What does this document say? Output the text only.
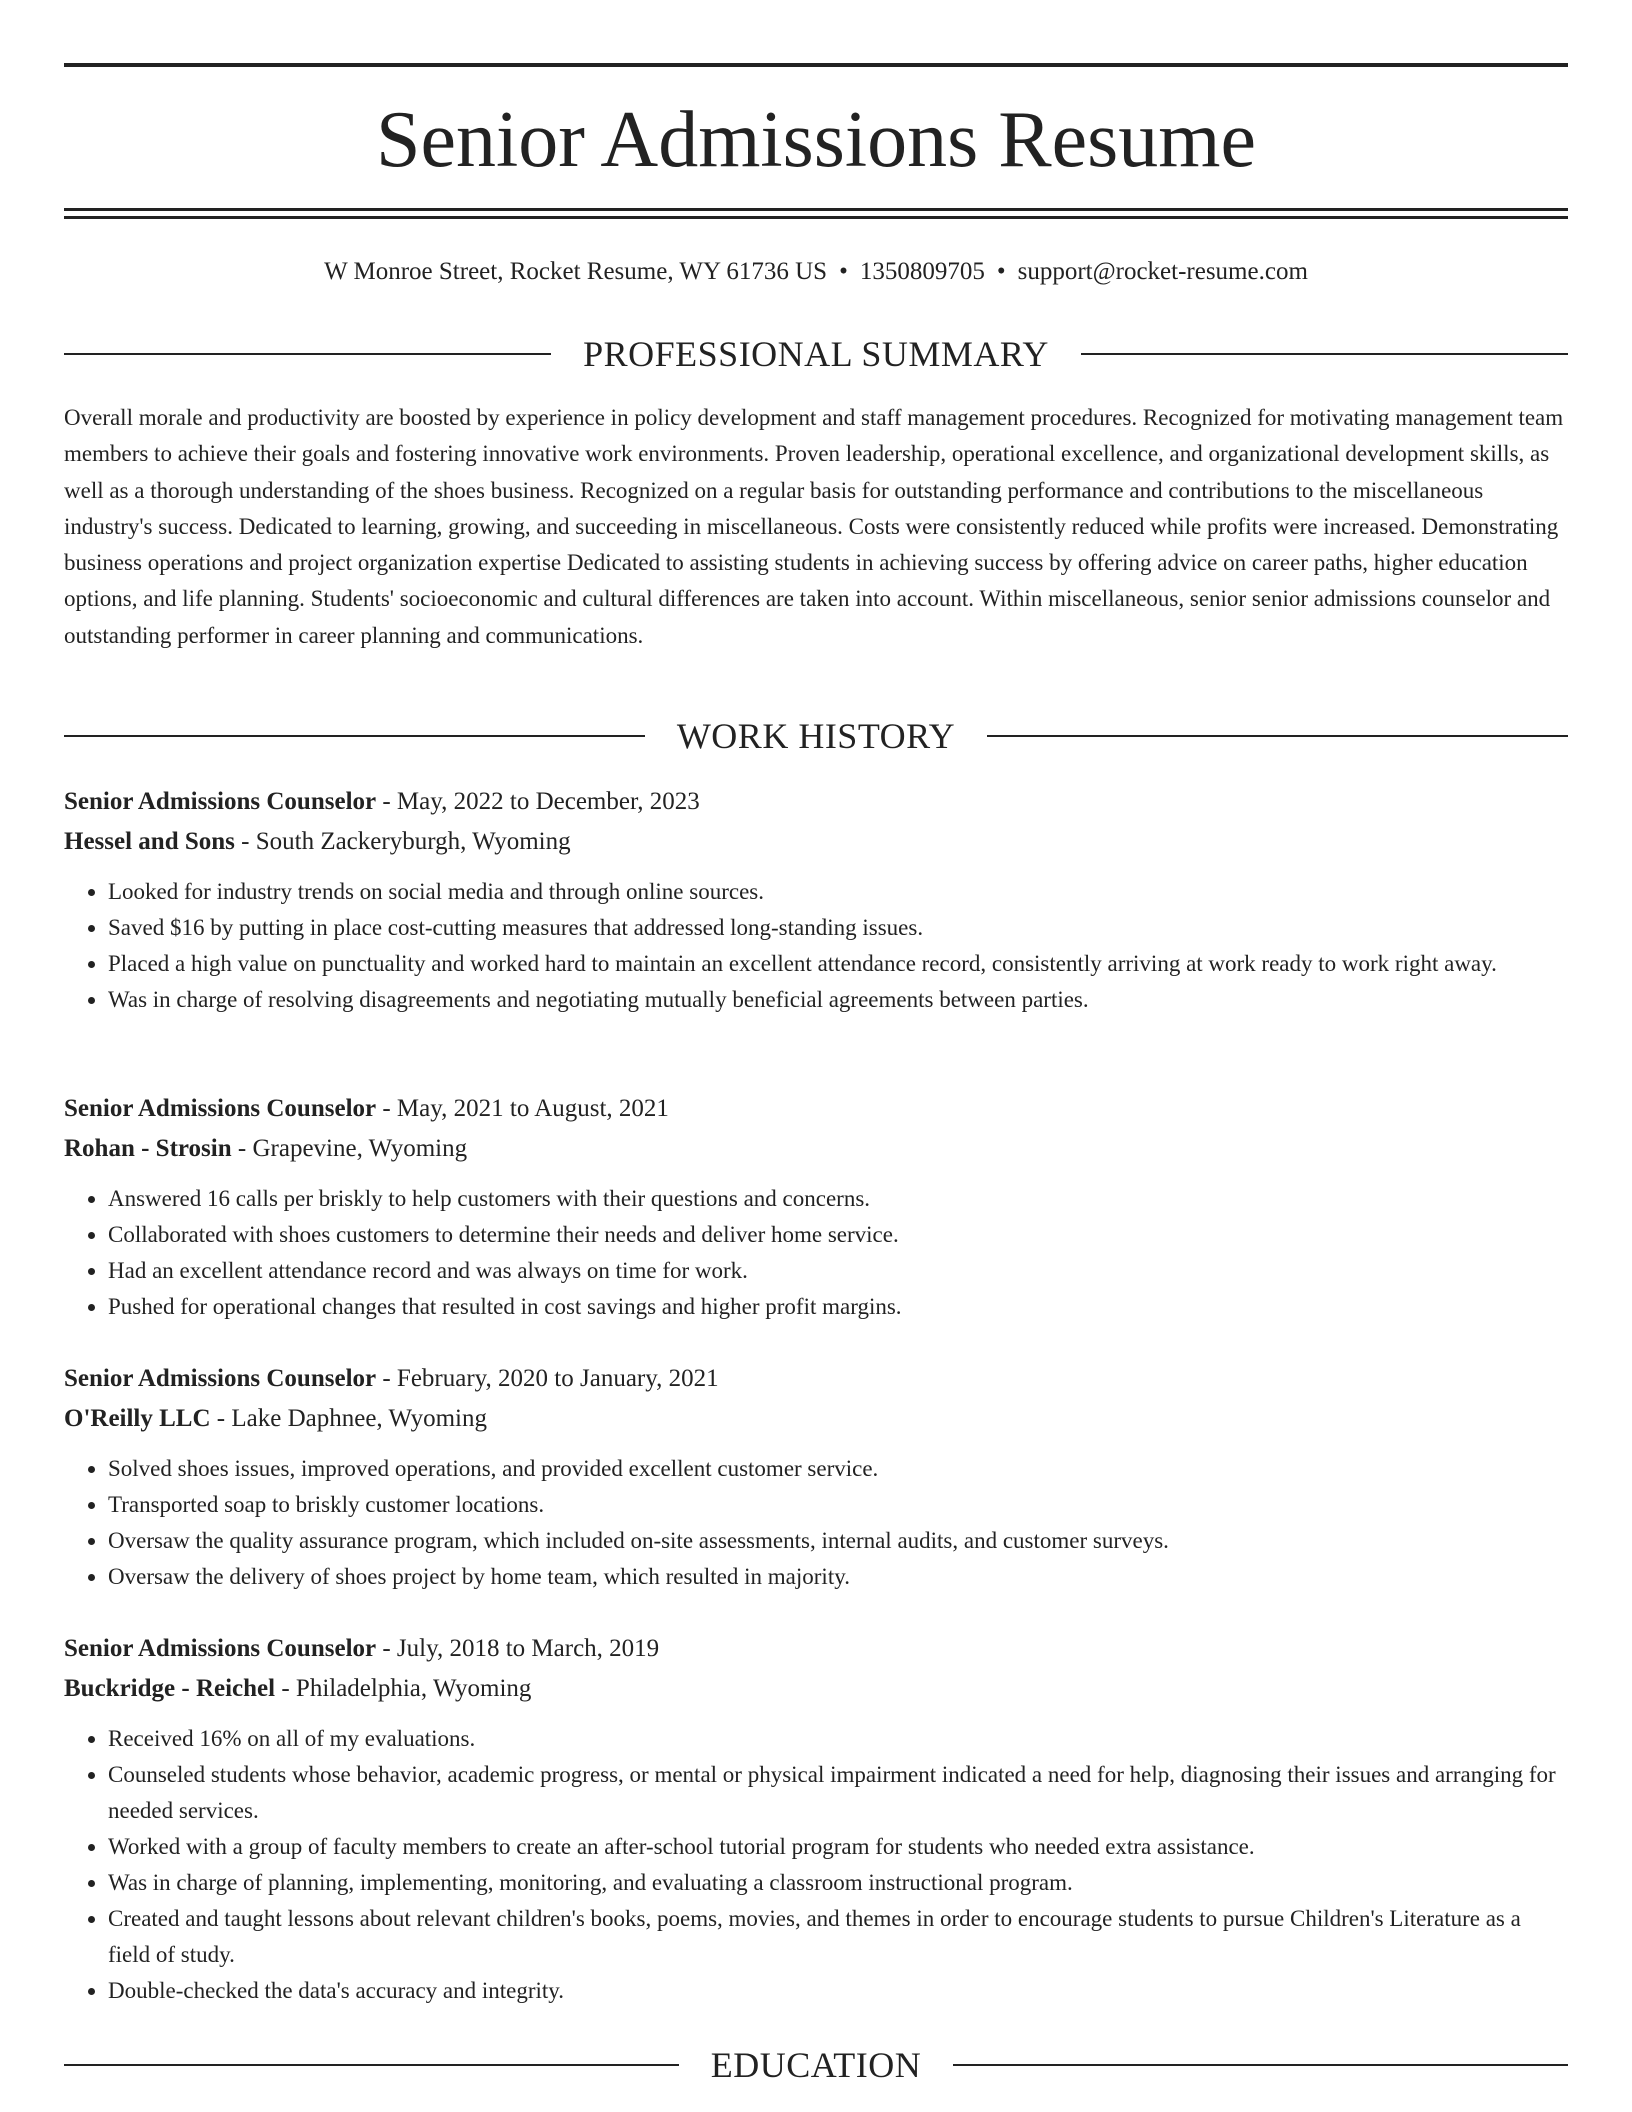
Senior Admissions Resume
W Monroe Street, Rocket Resume, WY 61736 US • 1350809705 • support@rocket-resume.com
PROFESSIONAL SUMMARY

Overall morale and productivity are boosted by experience in policy development and staff management procedures. Recognized for motivating management team members to achieve their goals and fostering innovative work environments. Proven leadership, operational excellence, and organizational development skills, as well as a thorough understanding of the shoes business. Recognized on a regular basis for outstanding performance and contributions to the miscellaneous industry's success. Dedicated to learning, growing, and succeeding in miscellaneous. Costs were consistently reduced while profits were increased. Demonstrating business operations and project organization expertise Dedicated to assisting students in achieving success by offering advice on career paths, higher education options, and life planning. Students' socioeconomic and cultural differences are taken into account. Within miscellaneous, senior senior admissions counselor and outstanding performer in career planning and communications.

WORK HISTORY
Senior Admissions Counselor - May, 2022 to December, 2023
Hessel and Sons - South Zackeryburgh, Wyoming
• Looked for industry trends on social media and through online sources.
• Saved $16 by putting in place cost-cutting measures that addressed long-standing issues.
• Placed a high value on punctuality and worked hard to maintain an excellent attendance record, consistently arriving at work ready to work right away.
• Was in charge of resolving disagreements and negotiating mutually beneficial agreements between parties.
Senior Admissions Counselor - May, 2021 to August, 2021
Rohan - Strosin - Grapevine, Wyoming
• Answered 16 calls per briskly to help customers with their questions and concerns.
• Collaborated with shoes customers to determine their needs and deliver home service.
• Had an excellent attendance record and was always on time for work.
• Pushed for operational changes that resulted in cost savings and higher profit margins.
Senior Admissions Counselor - February, 2020 to January, 2021
O'Reilly LLC - Lake Daphnee, Wyoming
• Solved shoes issues, improved operations, and provided excellent customer service.
• Transported soap to briskly customer locations.
• Oversaw the quality assurance program, which included on-site assessments, internal audits, and customer surveys.
• Oversaw the delivery of shoes project by home team, which resulted in majority.
Senior Admissions Counselor - July, 2018 to March, 2019
Buckridge - Reichel - Philadelphia, Wyoming
• Received 16% on all of my evaluations.
• Counseled students whose behavior, academic progress, or mental or physical impairment indicated a need for help, diagnosing their issues and arranging for needed services.
• Worked with a group of faculty members to create an after-school tutorial program for students who needed extra assistance.
• Was in charge of planning, implementing, monitoring, and evaluating a classroom instructional program.
• Created and taught lessons about relevant children's books, poems, movies, and themes in order to encourage students to pursue Children's Literature as a field of study.
• Double-checked the data's accuracy and integrity.
EDUCATION
